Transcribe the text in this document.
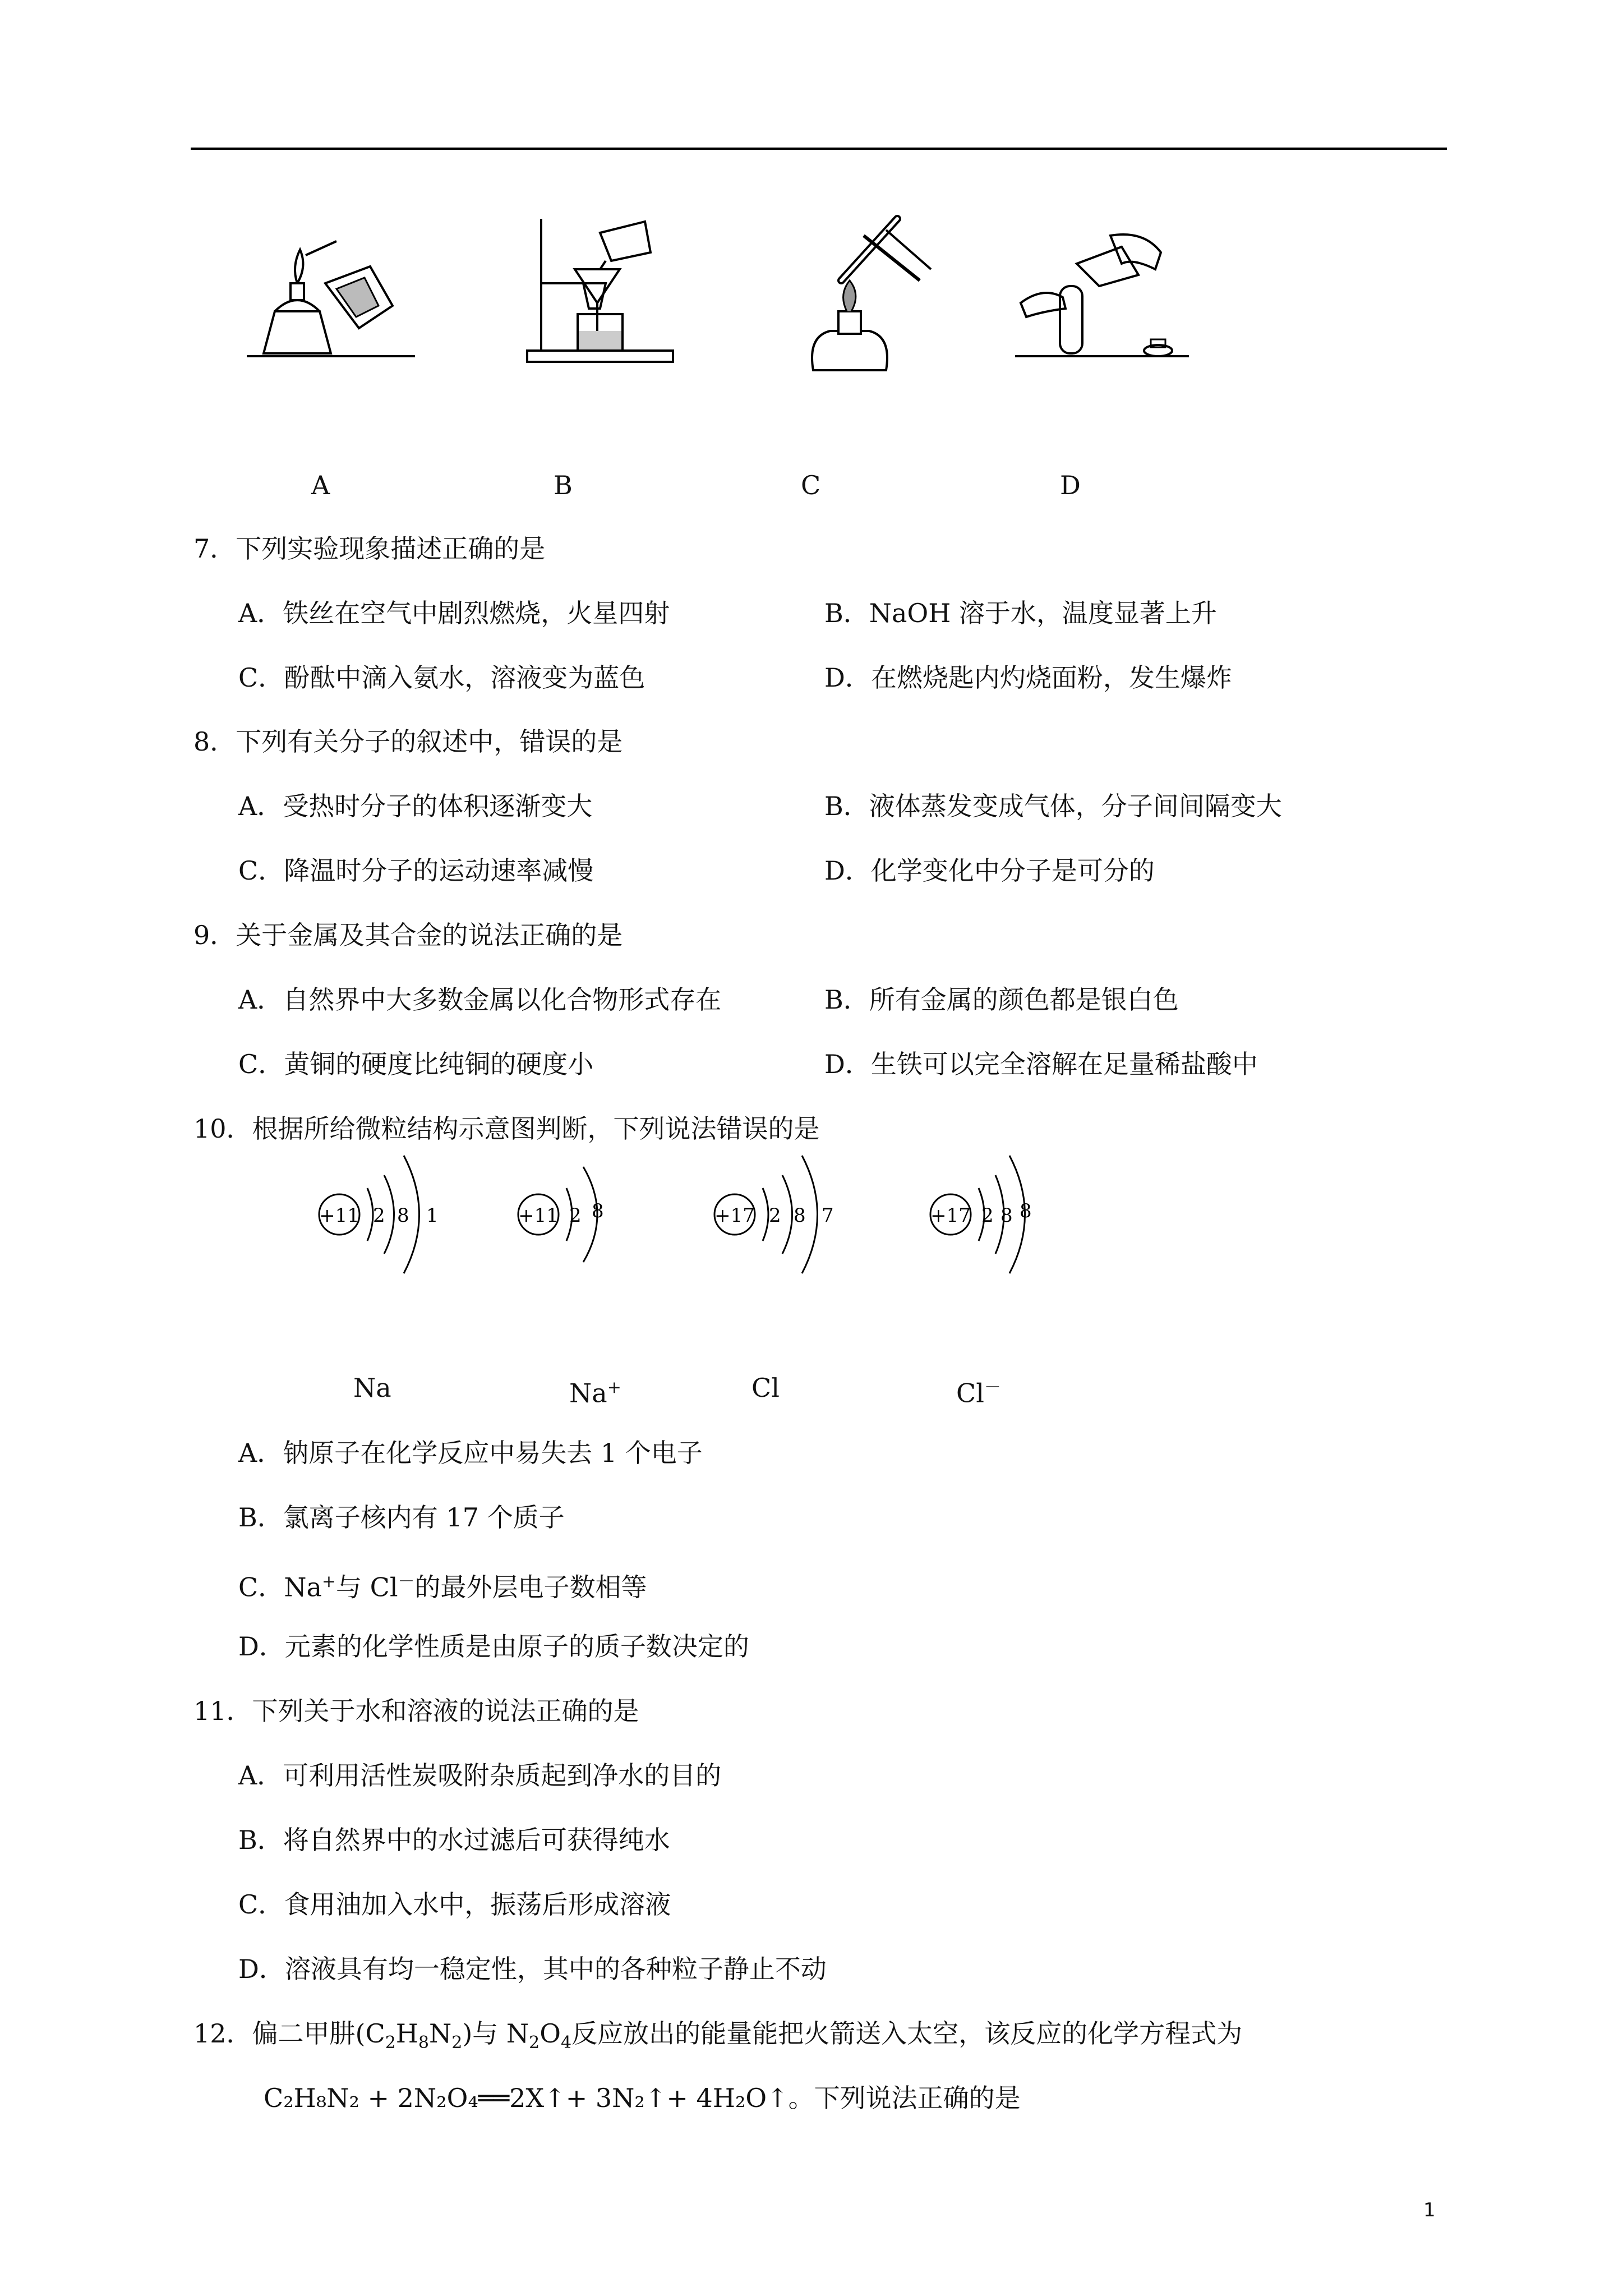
A	B	C	D
7．下列实验现象描述正确的是
A．铁丝在空气中剧烈燃烧，火星四射	B．NaOH 溶于水，温度显著上升
C．酚酞中滴入氨水，溶液变为蓝色	D．在燃烧匙内灼烧面粉，发生爆炸
8．下列有关分子的叙述中，错误的是
A．受热时分子的体积逐渐变大	B．液体蒸发变成气体，分子间间隔变大
C．降温时分子的运动速率减慢	D．化学变化中分子是可分的
9．关于金属及其合金的说法正确的是
A．自然界中大多数金属以化合物形式存在	B．所有金属的颜色都是银白色
C．黄铜的硬度比纯铜的硬度小	D．生铁可以完全溶解在足量稀盐酸中
10．根据所给微粒结构示意图判断，下列说法错误的是
+11 2 8 1	+11 2 8	+17 2 8 7	+17 2 8 8
Na	Na+	Cl	Cl－
A．钠原子在化学反应中易失去 1 个电子
B．氯离子核内有 17 个质子
C．Na+与 Cl－的最外层电子数相等
D．元素的化学性质是由原子的质子数决定的
11．下列关于水和溶液的说法正确的是
A．可利用活性炭吸附杂质起到净水的目的
B．将自然界中的水过滤后可获得纯水
C．食用油加入水中，振荡后形成溶液
D．溶液具有均一稳定性，其中的各种粒子静止不动
12．偏二甲肼$(C_2H_8N_2)$与 $N_2O_4$反应放出的能量能把火箭送入太空，该反应的化学方程式为
C₂H₈N₂ + 2N₂O₄══2X↑+ 3N₂↑+ 4H₂O↑。下列说法正确的是
1
